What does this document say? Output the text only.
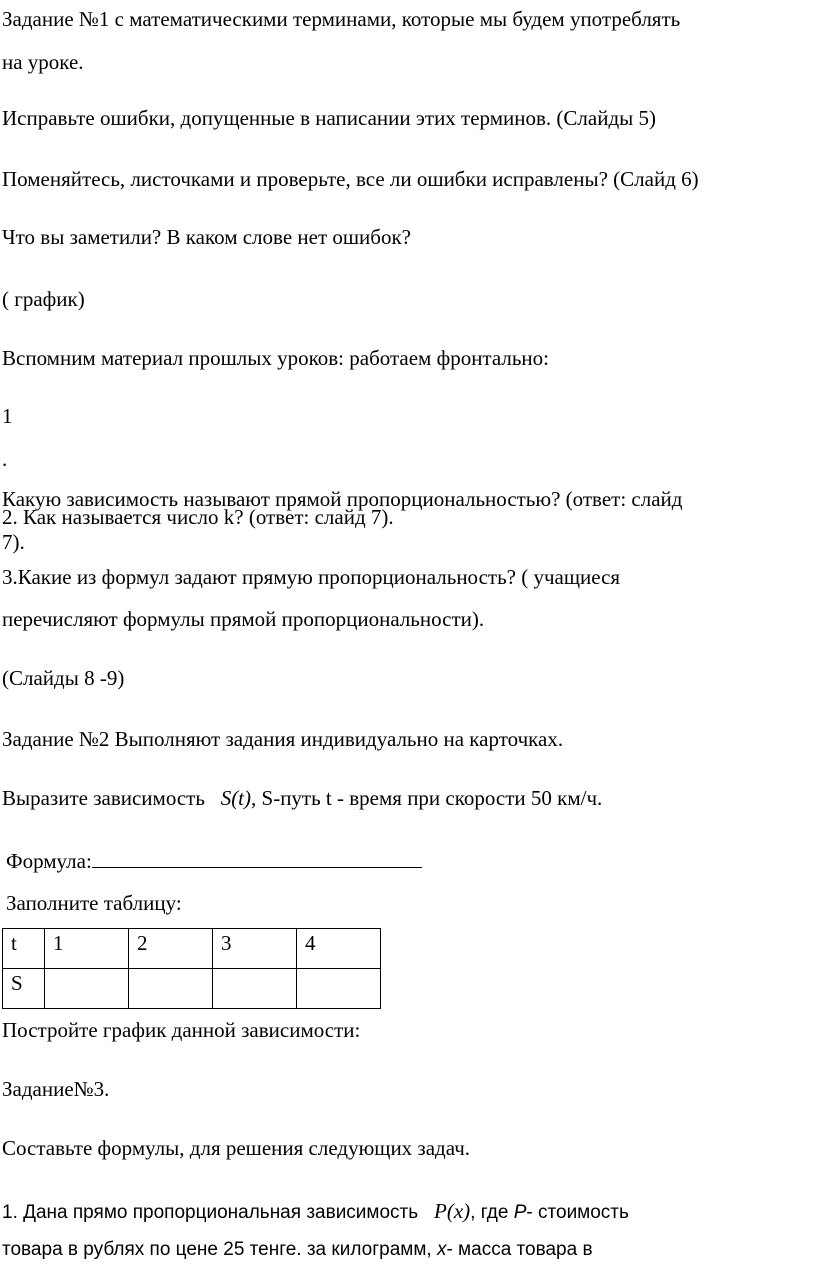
Задание №1 с математическими терминами, которые мы будем употреблять
на уроке.
Исправьте ошибки, допущенные в написании этих терминов. (Слайды 5)
Поменяйтесь, листочками и проверьте, все ли ошибки исправлены? (Слайд 6)
Что вы заметили? В каком слове нет ошибок?
( график)
Вспомним материал прошлых уроков: работаем фронтально:
1
.
Какую зависимость называют прямой пропорциональностью? (ответ: слайд
2. Как называется число k? (ответ: слайд 7).
7).
3.Какие из формул задают прямую пропорциональность? ( учащиеся
перечисляют формулы прямой пропорциональности).
(Слайды 8 -9)
Задание №2 Выполняют задания индивидуально на карточках.
Выразите зависимость S(t), S-путь t - время при скорости 50 км/ч.
Формула:
Заполните таблицу:
t	1	2	3	4
S				
Постройте график данной зависимости:
Задание№3.
Составьте формулы, для решения следующих задач.
1. Дана прямо пропорциональная зависимость P(x), где P- стоимость
товара в рублях по цене 25 тенге. за килограмм, x- масса товара в
